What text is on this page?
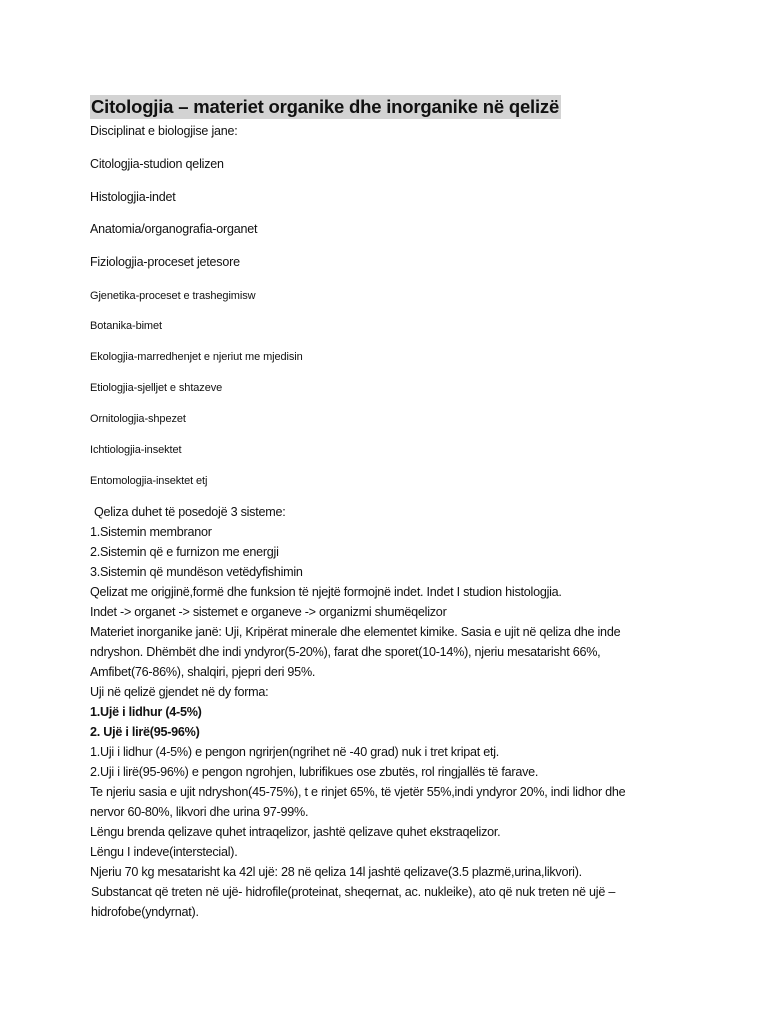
Citologjia – materiet organike dhe inorganike në qelizë
Disciplinat e biologjise jane:
Citologjia-studion qelizen
Histologjia-indet
Anatomia/organografia-organet
Fiziologjia-proceset jetesore
Gjenetika-proceset e trashegimisw
Botanika-bimet
Ekologjia-marredhenjet e njeriut me mjedisin
Etiologjia-sjelljet e shtazeve
Ornitologjia-shpezet
Ichtiologjia-insektet
Entomologjia-insektet etj
Qeliza duhet të posedojë 3 sisteme:
1.Sistemin membranor
2.Sistemin që e furnizon me energji
3.Sistemin që mundëson vetëdyfishimin
Qelizat me origjinë,formë dhe funksion të njejtë formojnë indet. Indet I studion histologjia.
Indet -> organet -> sistemet e organeve -> organizmi shumëqelizor
Materiet inorganike janë: Uji, Kripërat minerale dhe elementet kimike. Sasia e ujit në qeliza dhe inde
ndryshon. Dhëmbët dhe indi yndyror(5-20%), farat dhe sporet(10-14%), njeriu mesatarisht 66%,
Amfibet(76-86%), shalqiri, pjepri deri 95%.
Uji në qelizë gjendet në dy forma:
1.Ujë i lidhur (4-5%)
2. Ujë i lirë(95-96%)
1.Uji i lidhur (4-5%) e pengon ngrirjen(ngrihet në -40 grad) nuk i tret kripat etj.
2.Uji i lirë(95-96%) e pengon ngrohjen, lubrifikues ose zbutës, rol ringjallës të farave.
Te njeriu sasia e ujit ndryshon(45-75%), t e rinjet 65%, të vjetër 55%,indi yndyror 20%, indi lidhor dhe
nervor 60-80%, likvori dhe urina 97-99%.
Lëngu brenda qelizave quhet intraqelizor, jashtë qelizave quhet ekstraqelizor.
Lëngu I indeve(interstecial).
Njeriu 70 kg mesatarisht ka 42l ujë: 28 në qeliza 14l jashtë qelizave(3.5 plazmë,urina,likvori).
Substancat që treten në ujë- hidrofile(proteinat, sheqernat, ac. nukleike), ato që nuk treten në ujë –
hidrofobe(yndyrnat).
